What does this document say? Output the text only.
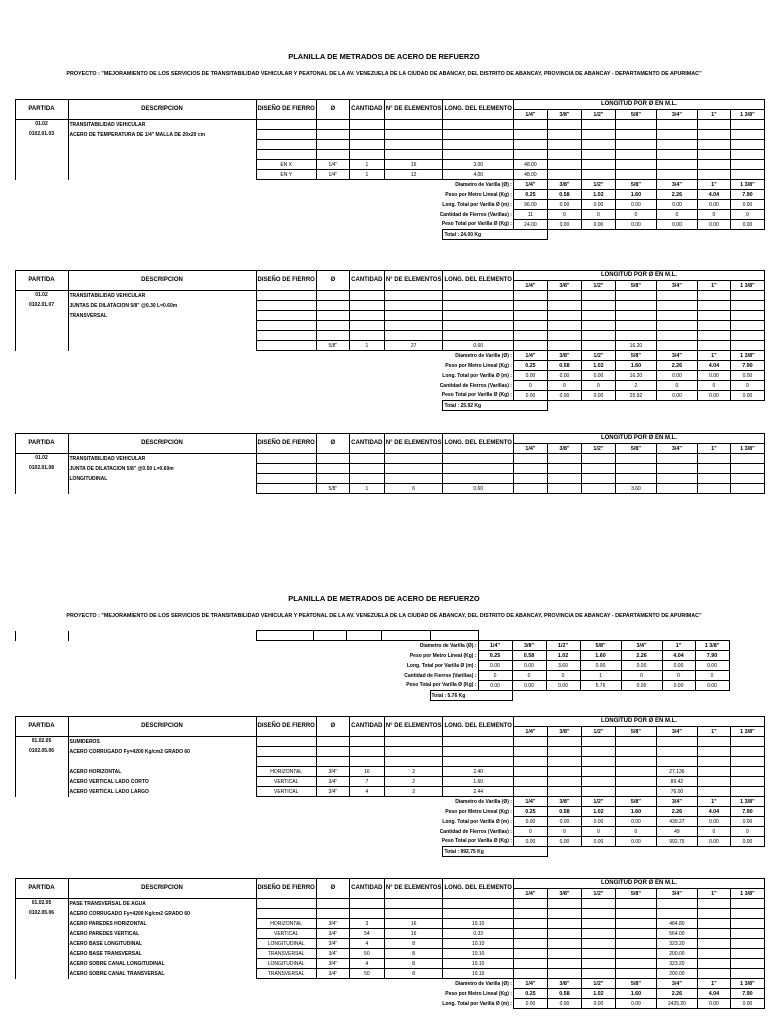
PLANILLA DE METRADOS DE ACERO DE REFUERZO
PROYECTO : "MEJORAMIENTO DE LOS SERVICIOS DE TRANSITABILIDAD VEHICULAR Y PEATONAL DE LA AV. VENEZUELA DE LA CIUDAD DE ABANCAY, DEL DISTRITO DE ABANCAY, PROVINCIA DE ABANCAY - DEPARTAMENTO DE APURIMAC"
	PARTIDA	DESCRIPCION	DISEÑO DE FIERRO	Ø	CANTIDAD	N° DE ELEMENTOS	LONG. DEL ELEMENTO	LONGITUD POR Ø EN M.L.						
								1/4"	3/8"	1/2"	5/8"	3/4"	1"	1 3/8"
	01.02	TRANSITABILIDAD VEHICULAR												
	0102.01.03	ACERO DE TEMPERATURA DE 1/4" MALLA DE 20x20 cm												

			EN X	1/4"	1	16	3.00	48.00						
			EN Y	1/4"	1	12	4.00	48.00						
	Diametro de Varilla (Ø) :							1/4"	3/8"	1/2"	5/8"	3/4"	1"	1 3/8"
	Peso por Metro Lineal (Kg) :							0.25	0.58	1.02	1.60	2.26	4.04	7.90
	Long. Total por Varilla Ø (m) :							96.00	0.00	0.00	0.00	0.00	0.00	0.00
	Cantidad de Fierros (Varillas) :							11	0	0	0	0	0	0
	Peso Total por Varilla Ø (Kg) :							24.00	0.00	0.00	0.00	0.00	0.00	0.00
							Total : 24.00 Kg							
	PARTIDA	DESCRIPCION	DISEÑO DE FIERRO	Ø	CANTIDAD	N° DE ELEMENTOS	LONG. DEL ELEMENTO	LONGITUD POR Ø EN M.L.						
								1/4"	3/8"	1/2"	5/8"	3/4"	1"	1 3/8"
	01.02	TRANSITABILIDAD VEHICULAR												
	0102.01.07	JUNTAS DE DILATACION 5/8" @0.30 L=0.60m												
		TRANSVERSAL												

				5/8"	1	27	0.60				16.20			
	Diametro de Varilla (Ø) :							1/4"	3/8"	1/2"	5/8"	3/4"	1"	1 3/8"
	Peso por Metro Lineal (Kg) :							0.25	0.58	1.02	1.60	2.26	4.04	7.90
	Long. Total por Varilla Ø (m) :							0.00	0.00	0.00	16.20	0.00	0.00	0.00
	Cantidad de Fierros (Varillas) :							0	0	0	2	0	0	0
	Peso Total por Varilla Ø (Kg) :							0.00	0.00	0.00	25.92	0.00	0.00	0.00
							Total : 25.92 Kg							
	PARTIDA	DESCRIPCION	DISEÑO DE FIERRO	Ø	CANTIDAD	N° DE ELEMENTOS	LONG. DEL ELEMENTO	LONGITUD POR Ø EN M.L.						
								1/4"	3/8"	1/2"	5/8"	3/4"	1"	1 3/8"
	01.02	TRANSITABILIDAD VEHICULAR												
	0102.01.08	JUNTA DE DILATACION 5/8" @0.50 L=0.60m												
		LONGITUDINAL												
				5/8"	1	6	0.60				3.60			
PLANILLA DE METRADOS DE ACERO DE REFUERZO
PROYECTO : "MEJORAMIENTO DE LOS SERVICIOS DE TRANSITABILIDAD VEHICULAR Y PEATONAL DE LA AV. VENEZUELA DE LA CIUDAD DE ABANCAY, DEL DISTRITO DE ABANCAY, PROVINCIA DE ABANCAY - DEPARTAMENTO DE APURIMAC"

	Diametro de Varilla (Ø) :							1/4"	3/8"	1/2"	5/8"	3/4"	1"	1 3/8"
	Peso por Metro Lineal (Kg) :							0.25	0.58	1.02	1.60	2.26	4.04	7.90
	Long. Total por Varilla Ø (m) :							0.00	0.00	3.60	0.00	0.00	0.00	0.00
	Cantidad de Fierros (Varillas) :							0	0	0	1	0	0	0
	Peso Total por Varilla Ø (Kg) :							0.00	0.00	0.00	5.76	0.00	0.00	0.00
							Total : 5.76 Kg							
	PARTIDA	DESCRIPCION	DISEÑO DE FIERRO	Ø	CANTIDAD	N° DE ELEMENTOS	LONG. DEL ELEMENTO	LONGITUD POR Ø EN M.L.						
								1/4"	3/8"	1/2"	5/8"	3/4"	1"	1 3/8"
	01.02.05	SUMIDEROS												
	0102.05.06	ACERO CORRUGADO Fy=4200 Kg/cm2 GRADO 60												

		ACERO HORIZONTAL	HORIZONTAL	3/4"	16	2	2.40					27.136		
		ACERO VERTICAL LADO CORTO	VERTICAL	3/4"	7	2	1.60					89.42		
		ACERO VERTICAL LADO LARGO	VERTICAL	3/4"	4	2	2.44					76.00		
	Diametro de Varilla (Ø) :							1/4"	3/8"	1/2"	5/8"	3/4"	1"	1 3/8"
	Peso por Metro Lineal (Kg) :							0.25	0.58	1.02	1.60	2.26	4.04	7.90
	Long. Total por Varilla Ø (m) :							0.00	0.00	0.00	0.00	439.27	0.00	0.00
	Cantidad de Fierros (Varillas) :							0	0	0	0	49	0	0
	Peso Total por Varilla Ø (Kg) :							0.00	0.00	0.00	0.00	992.75	0.00	0.00
							Total : 992.75 Kg							
	PARTIDA	DESCRIPCION	DISEÑO DE FIERRO	Ø	CANTIDAD	N° DE ELEMENTOS	LONG. DEL ELEMENTO	LONGITUD POR Ø EN M.L.						
								1/4"	3/8"	1/2"	5/8"	3/4"	1"	1 3/8"
	01.02.05	PASE TRANSVERSAL DE AGUA												
	0102.05.06	ACERO CORRUGADO Fy=4200 Kg/cm2 GRADO 60												
		ACERO PAREDES HORIZONTAL	HORIZONTAL	3/4"	3	16	10.10					484.80		
		ACERO PAREDES VERTICAL	VERTICAL	3/4"	54	16	0.33					564.00		
		ACERO BASE LONGITUDINAL	LONGITUDINAL	3/4"	4	8	10.10					323.20		
		ACERO BASE TRANSVERSAL	TRANSVERSAL	3/4"	50	8	10.10					200.00		
		ACERO SOBRE CANAL LONGITUDINAL	LONGITUDINAL	3/4"	4	8	10.10					323.20		
		ACERO SOBRE CANAL TRANSVERSAL	TRANSVERSAL	3/4"	50	8	10.10					200.00		
	Diametro de Varilla (Ø) :							1/4"	3/8"	1/2"	5/8"	3/4"	1"	1 3/8"
	Peso por Metro Lineal (Kg) :							0.25	0.58	1.02	1.60	2.26	4.04	7.90
	Long. Total por Varilla Ø (m) :							0.00	0.00	0.00	0.00	2425.20	0.00	0.00
